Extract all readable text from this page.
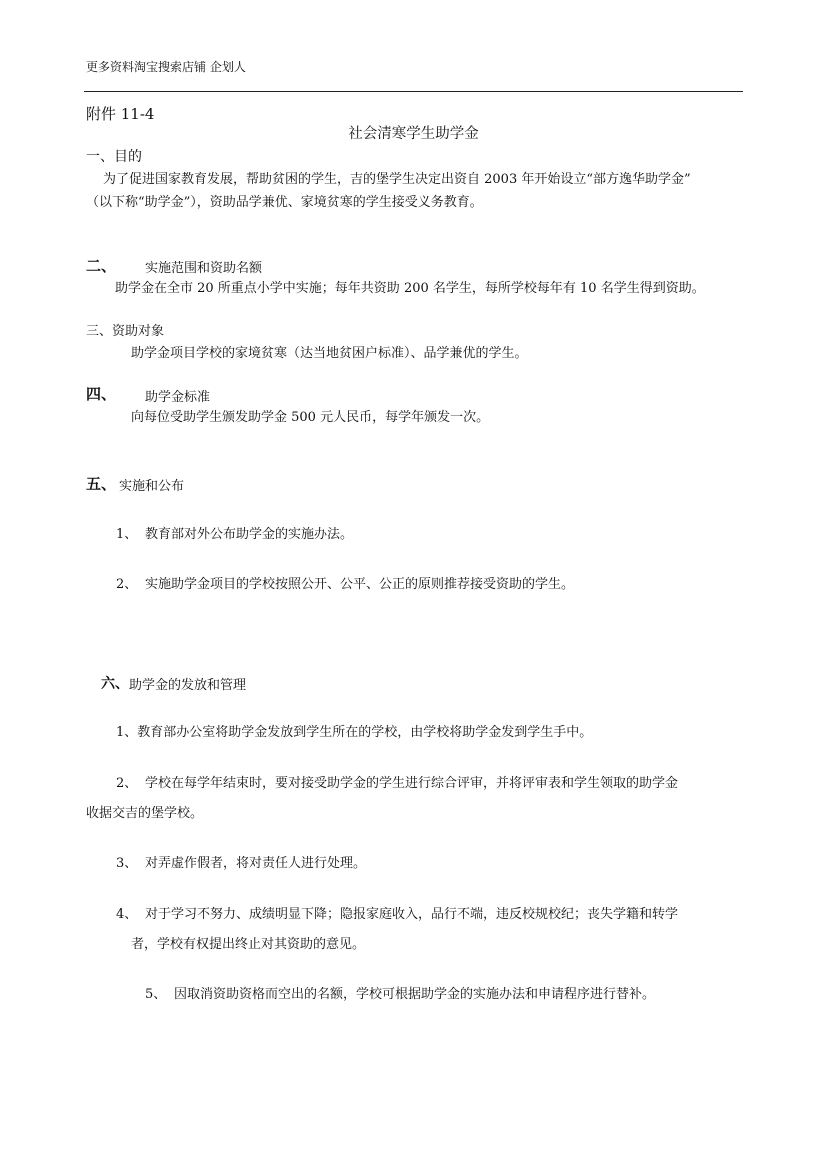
更多资料淘宝搜索店铺 企划人
附件 11-4
社会清寒学生助学金
一、目的
为了促进国家教育发展，帮助贫困的学生，吉的堡学生决定出资自 2003 年开始设立“部方逸华助学金”
（以下称“助学金”），资助品学兼优、家境贫寒的学生接受义务教育。
二、 实施范围和资助名额
助学金在全市 20 所重点小学中实施；每年共资助 200 名学生，每所学校每年有 10 名学生得到资助。
三、资助对象
助学金项目学校的家境贫寒（达当地贫困户标准）、品学兼优的学生。
四、 助学金标准
向每位受助学生颁发助学金 500 元人民币，每学年颁发一次。
五、 实施和公布
1、 教育部对外公布助学金的实施办法。
2、 实施助学金项目的学校按照公开、公平、公正的原则推荐接受资助的学生。
六、 助学金的发放和管理
1、教育部办公室将助学金发放到学生所在的学校，由学校将助学金发到学生手中。
2、 学校在每学年结束时，要对接受助学金的学生进行综合评审，并将评审表和学生领取的助学金
收据交吉的堡学校。
3、 对弄虚作假者，将对责任人进行处理。
4、 对于学习不努力、成绩明显下降；隐报家庭收入，品行不端，违反校规校纪；丧失学籍和转学
者，学校有权提出终止对其资助的意见。
5、 因取消资助资格而空出的名额，学校可根据助学金的实施办法和申请程序进行替补。
